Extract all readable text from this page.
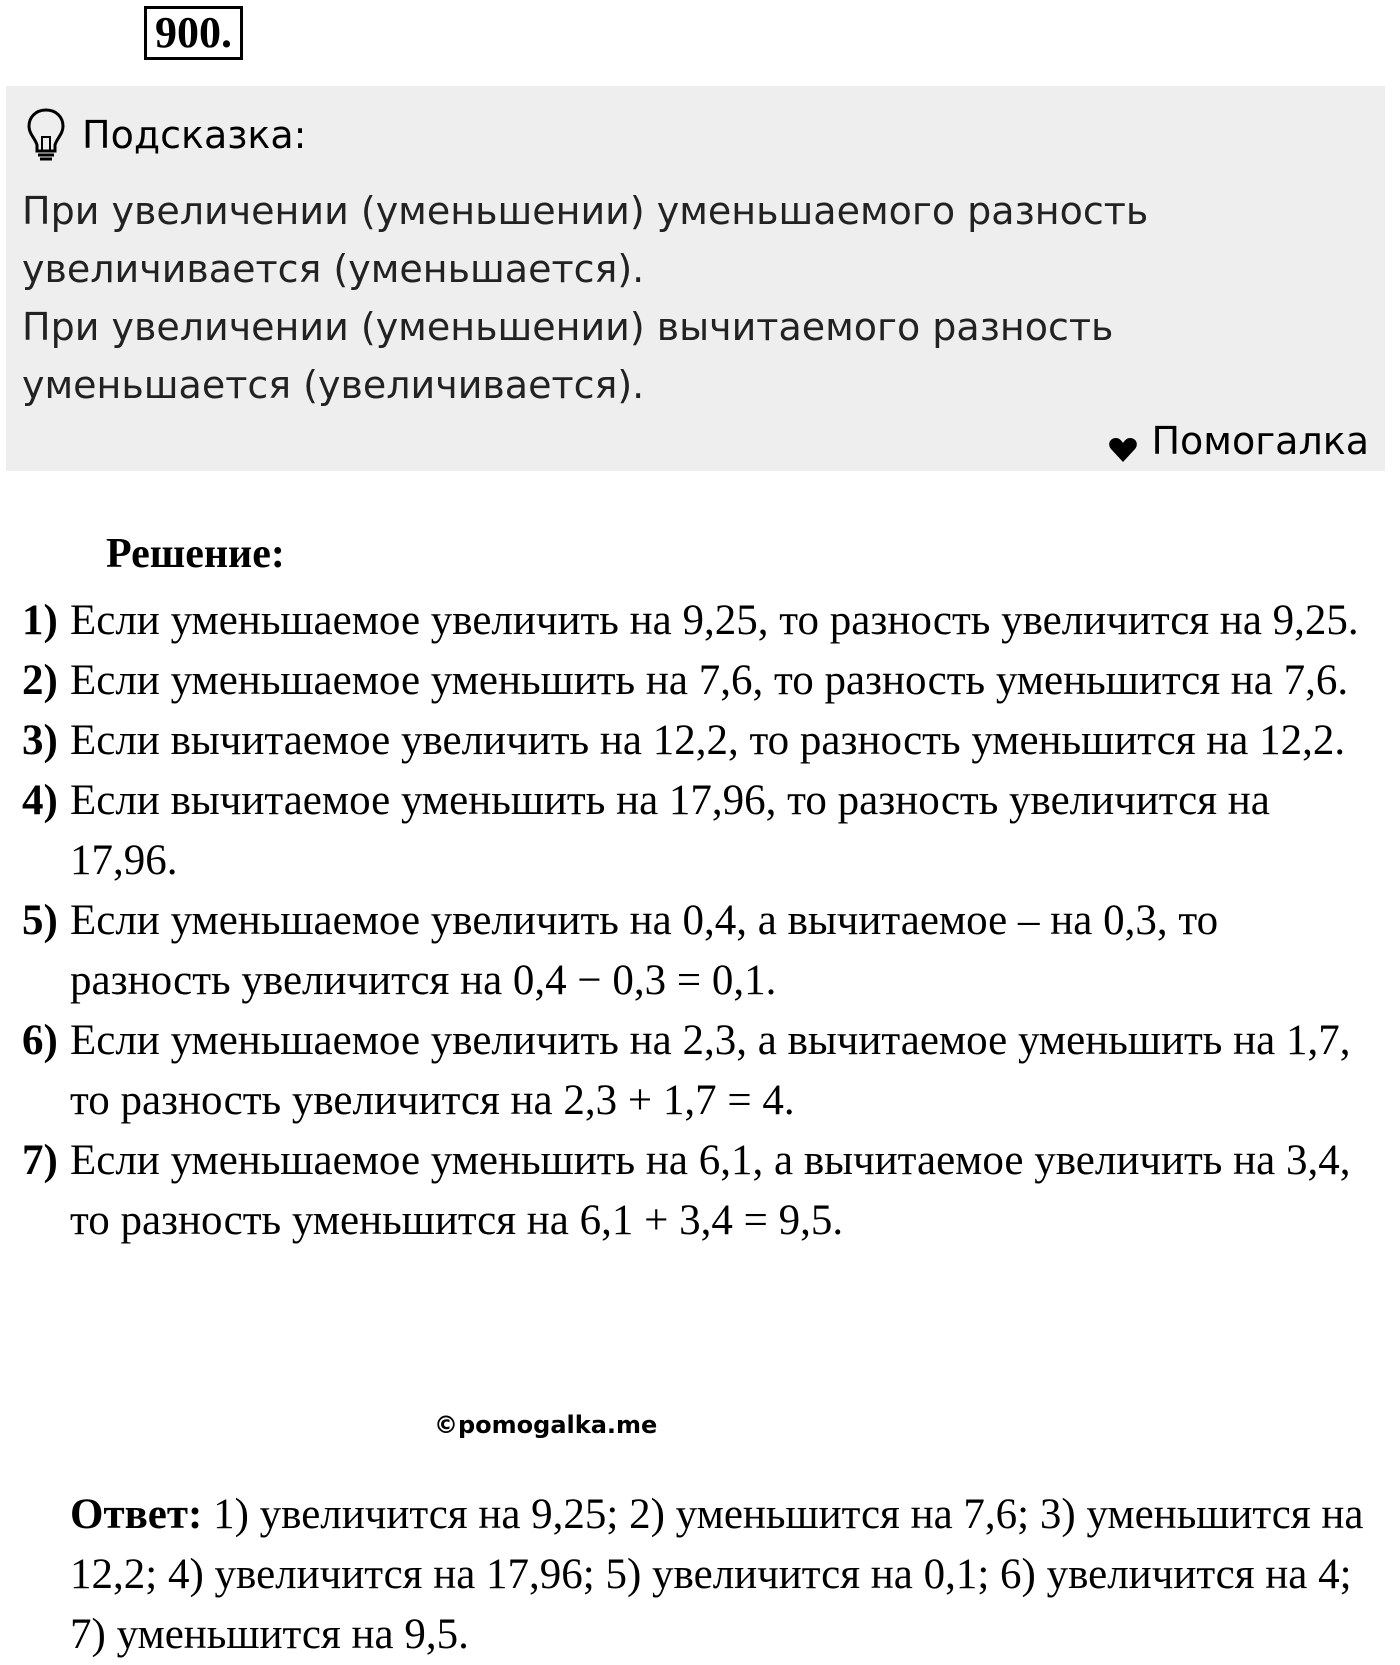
900.
Подсказка:

При увеличении (уменьшении) уменьшаемого разность увеличивается (уменьшается).

При увеличении (уменьшении) вычитаемого разность уменьшается (увеличивается).

Помогалка
Решение:
1) Если уменьшаемое увеличить на 9,25, то разность увеличится на 9,25.
2) Если уменьшаемое уменьшить на 7,6, то разность уменьшится на 7,6.
3) Если вычитаемое увеличить на 12,2, то разность уменьшится на 12,2.
4) Если вычитаемое уменьшить на 17,96, то разность увеличится на 17,96.
5) Если уменьшаемое увеличить на 0,4, а вычитаемое – на 0,3, то разность увеличится на 0,4 − 0,3 = 0,1.
6) Если уменьшаемое увеличить на 2,3, а вычитаемое уменьшить на 1,7, то разность увеличится на 2,3 + 1,7 = 4.
7) Если уменьшаемое уменьшить на 6,1, а вычитаемое увеличить на 3,4, то разность уменьшится на 6,1 + 3,4 = 9,5.
©pomogalka.me
Ответ: 1) увеличится на 9,25; 2) уменьшится на 7,6; 3) уменьшится на 12,2; 4) увеличится на 17,96; 5) увеличится на 0,1; 6) увеличится на 4; 7) уменьшится на 9,5.
